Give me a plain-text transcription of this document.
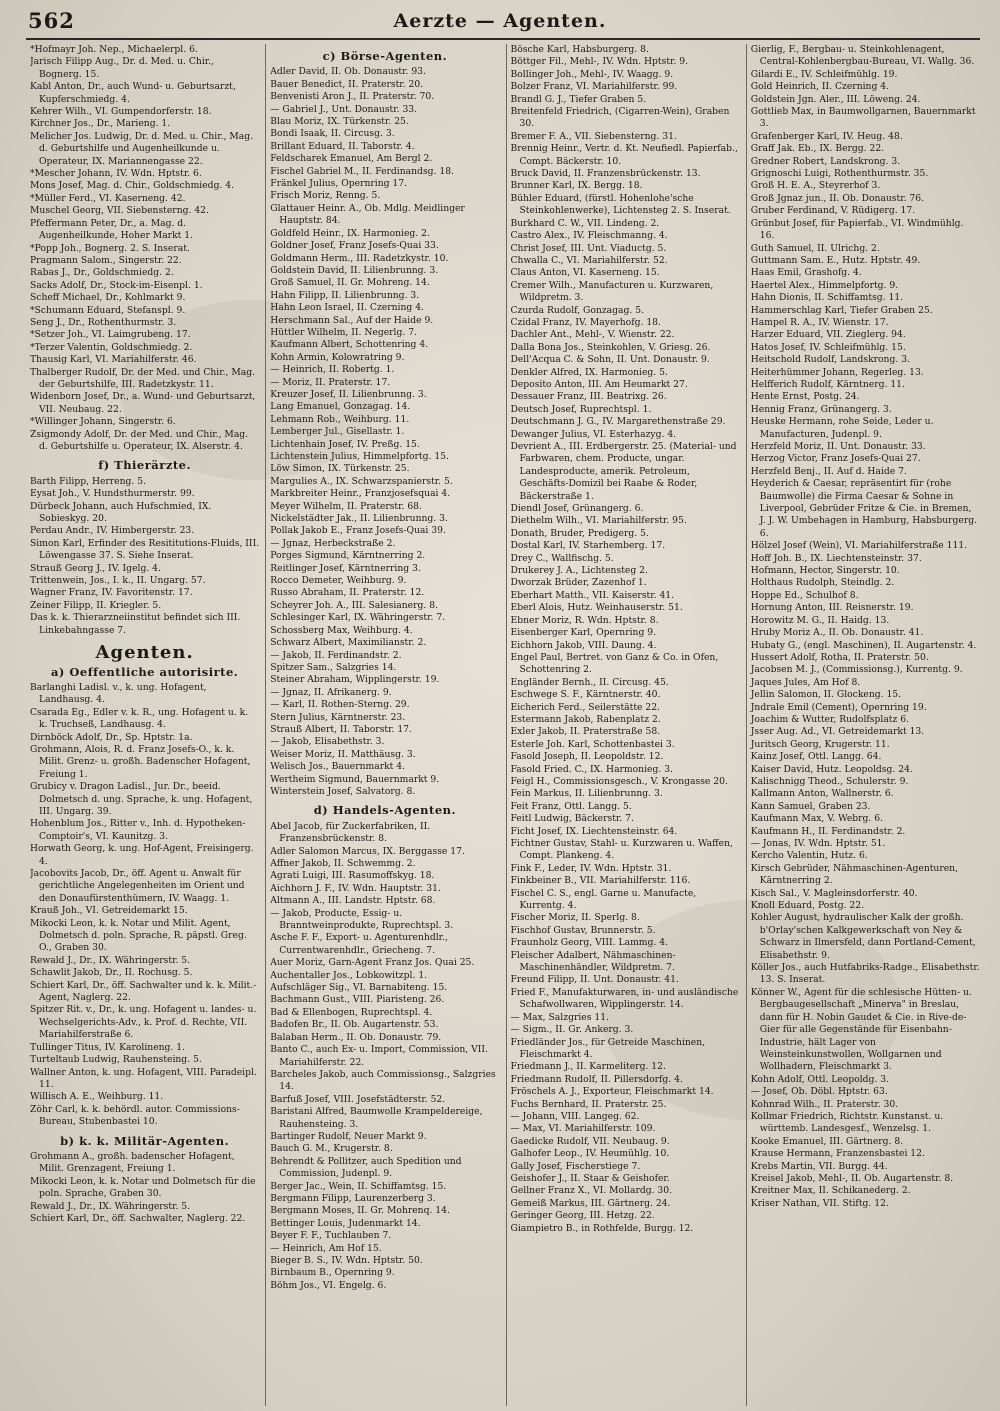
562	Aerzte — Agenten.

*Hofmayr Joh. Nep., Michaelerpl. 6.

Jarisch Filipp Aug., Dr. d. Med. u. Chir., Bognerg. 15.

Kabl Anton, Dr., auch Wund- u. Geburtsarzt, Kupferschmiedg. 4.

Kehrer Wilh., VI. Gumpendorferstr. 18.

Kirchner Jos., Dr., Marieng. 1.

Melicher Jos. Ludwig, Dr. d. Med. u. Chir., Mag. d. Geburtshilfe und Augenheilkunde u. Operateur, IX. Mariannengasse 22.

*Mescher Johann, IV. Wdn. Hptstr. 6.

Mons Josef, Mag. d. Chir., Goldschmiedg. 4.

*Müller Ferd., VI. Kaserneng. 42.

Muschel Georg, VII. Siebensterng. 42.

Pfeffermann Peter, Dr., a. Mag. d. Augenheilkunde, Hoher Markt 1.

*Popp Joh., Bognerg. 2. S. Inserat.

Pragmann Salom., Singerstr. 22.

Rabas J., Dr., Goldschmiedg. 2.

Sacks Adolf, Dr., Stock-im-Eisenpl. 1.

Scheff Michael, Dr., Kohlmarkt 9.

*Schumann Eduard, Stefanspl. 9.

Seng J., Dr., Rothenthurmstr. 3.

*Setzer Joh., VI. Laimgrubeng. 17.

*Terzer Valentin, Goldschmiedg. 2.

Thausig Karl, VI. Mariahilferstr. 46.

Thalberger Rudolf, Dr. der Med. und Chir., Mag. der Geburtshilfe, III. Radetzkystr. 11.

Widenborn Josef, Dr., a. Wund- und Geburtsarzt, VII. Neubaug. 22.

*Willinger Johann, Singerstr. 6.

Zsigmondy Adolf, Dr. der Med. und Chir., Mag. d. Geburtshilfe u. Operateur, IX. Alserstr. 4.

f) Thierärzte.

Barth Filipp, Herreng. 5.

Eysat Joh., V. Hundsthurmerstr. 99.

Dürbeck Johann, auch Hufschmied, IX. Sobieskyg. 20.

Perdau Andr., IV. Himbergerstr. 23.

Simon Karl, Erfinder des Resititutions-Fluids, III. Löwengasse 37. S. Siehe Inserat.

Strauß Georg J., IV. Igelg. 4.

Trittenwein, Jos., I. k., II. Ungarg. 57.

Wagner Franz, IV. Favoritenstr. 17.

Zeiner Filipp, II. Kriegler. 5.

Das k. k. Thierarzneiinstitut befindet sich III. Linkebahngasse 7.

Agenten.
a) Oeffentliche autorisirte.

Barlanghi Ladisl. v., k. ung. Hofagent, Landhausg. 4.

Csarada Eg., Edler v. k. R., ung. Hofagent u. k. k. Truchseß, Landhausg. 4.

Dirnböck Adolf, Dr., Sp. Hptstr. 1a.

Grohmann, Alois, R. d. Franz Josefs-O., k. k. Milit. Grenz- u. großh. Badenscher Hofagent, Freiung 1.

Grubicy v. Dragon Ladisl., Jur. Dr., beeid. Dolmetsch d. ung. Sprache, k. ung. Hofagent, III. Ungarg. 39.

Hohenblum Jos., Ritter v., Inh. d. Hypotheken-Comptoir's, VI. Kaunitzg. 3.

Horwath Georg, k. ung. Hof-Agent, Freisingerg. 4.

Jacobovits Jacob, Dr., öff. Agent u. Anwalt für gerichtliche Angelegenheiten im Orient und den Donaufürstenthümern, IV. Waagg. 1.

Krauß Joh., VI. Getreidemarkt 15.

Mikocki Leon, k. k. Notar und Milit. Agent, Dolmetsch d. poln. Sprache, R. päpstl. Greg. O., Graben 30.

Rewald J., Dr., IX. Währingerstr. 5.

Schawlit Jakob, Dr., II. Rochusg. 5.

Schiert Karl, Dr., öff. Sachwalter und k. k. Milit.-Agent, Naglerg. 22.

Spitzer Rit. v., Dr., k. ung. Hofagent u. landes- u. Wechselgerichts-Adv., k. Prof. d. Rechte, VII. Mariahilferstraße 6.

Tullinger Titus, IV. Karolineng. 1.

Turteltaub Ludwig, Rauhensteing. 5.

Wallner Anton, k. ung. Hofagent, VIII. Paradeipl. 11.

Willisch A. E., Weihburg. 11.

Zöhr Carl, k. k. behördl. autor. Commissions-Bureau, Stubenbastei 10.

b) k. k. Militär-Agenten.

Grohmann A., großh. badenscher Hofagent, Milit. Grenzagent, Freiung 1.

Mikocki Leon, k. k. Notar und Dolmetsch für die poln. Sprache, Graben 30.

Rewald J., Dr., IX. Währingerstr. 5.

Schiert Karl, Dr., öff. Sachwalter, Naglerg. 22.

c) Börse-Agenten.

Adler David, II. Ob. Donaustr. 93.

Bauer Benedict, II. Praterstr. 20.

Benvenisti Aron J., II. Praterstr. 70.

— Gabriel J., Unt. Donaustr. 33.

Blau Moriz, IX. Türkenstr. 25.

Bondi Isaak, II. Circusg. 3.

Brillant Eduard, II. Taborstr. 4.

Feldscharek Emanuel, Am Bergl 2.

Fischel Gabriel M., II. Ferdinandsg. 18.

Fränkel Julius, Opernring 17.

Frisch Moriz, Renng. 5.

Glattauer Heinr. A., Ob. Mdlg. Meidlinger Hauptstr. 84.

Goldfeld Heinr., IX. Harmonieg. 2.

Goldner Josef, Franz Josefs-Quai 33.

Goldmann Herm., III. Radetzkystr. 10.

Goldstein David, II. Lilienbrunng. 3.

Groß Samuel, II. Gr. Mohreng. 14.

Hahn Filipp, II. Lilienbrunng. 3.

Hahn Leon Israel, II. Czerning 4.

Herschmann Sal., Auf der Haide 9.

Hüttler Wilhelm, II. Negerlg. 7.

Kaufmann Albert, Schottenring 4.

Kohn Armin, Kolowratring 9.

— Heinrich, II. Robertg. 1.

— Moriz, II. Praterstr. 17.

Kreuzer Josef, II. Lilienbrunng. 3.

Lang Emanuel, Gonzagag. 14.

Lehmann Rob., Weihburg. 11.

Lemberger Jul., Gisellastr. 1.

Lichtenhain Josef, IV. Preßg. 15.

Lichtenstein Julius, Himmelpfortg. 15.

Löw Simon, IX. Türkenstr. 25.

Margulies A., IX. Schwarzspanierstr. 5.

Markbreiter Heinr., Franzjosefsquai 4.

Meyer Wilhelm, II. Praterstr. 68.

Nickelstädter Jak., II. Lilienbrunng. 3.

Pollak Jakob E., Franz Josefs-Quai 39.

— Jgnaz, Herbeckstraße 2.

Porges Sigmund, Kärntnerring 2.

Reitlinger Josef, Kärntnerring 3.

Rocco Demeter, Weihburg. 9.

Russo Abraham, II. Praterstr. 12.

Scheyrer Joh. A., III. Salesianerg. 8.

Schlesinger Karl, IX. Währingerstr. 7.

Schossberg Max, Weihburg. 4.

Schwarz Albert, Maximilianstr. 2.

— Jakob, II. Ferdinandstr. 2.

Spitzer Sam., Salzgries 14.

Steiner Abraham, Wipplingerstr. 19.

— Jgnaz, II. Afrikanerg. 9.

— Karl, II. Rothen-Sterng. 29.

Stern Julius, Kärntnerstr. 23.

Strauß Albert, II. Taborstr. 17.

— Jakob, Elisabethstr. 3.

Weiser Moriz, II. Matthäusg. 3.

Welisch Jos., Bauernmarkt 4.

Wertheim Sigmund, Bauernmarkt 9.

Winterstein Josef, Salvatorg. 8.

d) Handels-Agenten.

Abel Jacob, für Zuckerfabriken, II. Franzensbrückenstr. 8.

Adler Salomon Marcus, IX. Berggasse 17.

Affner Jakob, II. Schwemmg. 2.

Agrati Luigi, III. Rasumoffskyg. 18.

Aichhorn J. F., IV. Wdn. Hauptstr. 31.

Altmann A., III. Landstr. Hptstr. 68.

— Jakob, Producte, Essig- u. Branntweinprodukte, Ruprechtspl. 3.

Asche F. F., Export- u. Agenturenhdlr., Currentwarenhdlr., Griecheng. 7.

Auer Moriz, Garn-Agent Franz Jos. Quai 25.

Auchentaller Jos., Lobkowitzpl. 1.

Aufschläger Sig., VI. Barnabiteng. 15.

Bachmann Gust., VIII. Piaristeng. 26.

Bad & Ellenbogen, Ruprechtspl. 4.

Badofen Br., II. Ob. Augartenstr. 53.

Balaban Herm., II. Ob. Donaustr. 79.

Banto C., auch Ex- u. Import, Commission, VII. Mariahilferstr. 22.

Barcheles Jakob, auch Commissionsg., Salzgries 14.

Barfuß Josef, VIII. Josefstädterstr. 52.

Baristani Alfred, Baumwolle Krampeldereige, Rauhensteing. 3.

Bartinger Rudolf, Neuer Markt 9.

Bauch G. M., Krugerstr. 8.

Behrendt & Pollitzer, auch Spedition und Commission, Judenpl. 9.

Berger Jac., Wein, II. Schiffamtsg. 15.

Bergmann Filipp, Laurenzerberg 3.

Bergmann Moses, II. Gr. Mohrenq. 14.

Bettinger Louis, Judenmarkt 14.

Beyer F. F., Tuchlauben 7.

— Heinrich, Am Hof 15.

Bieger B. S., IV. Wdn. Hptstr. 50.

Birnbaum B., Opernring 9.

Böhm Jos., VI. Engelg. 6.

Bösche Karl, Habsburgerg. 8.

Böttger Fil., Mehl-, IV. Wdn. Hptstr. 9.

Bollinger Joh., Mehl-, IV. Waagg. 9.

Bolzer Franz, VI. Mariahilferstr. 99.

Brandl G. J., Tiefer Graben 5.

Breitenfeld Friedrich, (Cigarren-Wein), Graben 30.

Bremer F. A., VII. Siebensterng. 31.

Brennig Heinr., Vertr. d. Kt. Neufiedl. Papierfab., Compt. Bäckerstr. 10.

Bruck David, II. Franzensbrückenstr. 13.

Brunner Karl, IX. Bergg. 18.

Bühler Eduard, (fürstl. Hohenlohe'sche Steinkohlenwerke), Lichtensteg 2. S. Inserat.

Burkhard C. W., VII. Lindeng. 2.

Castro Alex., IV. Fleischmanng. 4.

Christ Josef, III. Unt. Viaductg. 5.

Chwalla C., VI. Mariahilferstr. 52.

Claus Anton, VI. Kaserneng. 15.

Cremer Wilh., Manufacturen u. Kurzwaren, Wildpretm. 3.

Czurda Rudolf, Gonzagag. 5.

Czidal Franz, IV. Mayerhofg. 18.

Dachler Ant., Mehl-, V. Wienstr. 22.

Dalla Bona Jos., Steinkohlen, V. Griesg. 26.

Dell'Acqua C. & Sohn, II. Unt. Donaustr. 9.

Denkler Alfred, IX. Harmonieg. 5.

Deposito Anton, III. Am Heumarkt 27.

Dessauer Franz, III. Beatrixg. 26.

Deutsch Josef, Ruprechtspl. 1.

Deutschmann J. G., IV. Margarethenstraße 29.

Dewanger Julius, VI. Esterhazyg. 4.

Devrient A., III. Erdbergerstr. 25. (Material- und Farbwaren, chem. Producte, ungar. Landesproducte, amerik. Petroleum, Geschäfts-Domizil bei Raabe & Roder, Bäckerstraße 1.

Diendl Josef, Grünangerg. 6.

Diethelm Wilh., VI. Mariahilferstr. 95.

Donath, Bruder, Predigerg. 5.

Dostal Karl, IV. Starhemberg. 17.

Drey C., Wallfischg. 5.

Drukerey J. A., Lichtensteg 2.

Dworzak Brüder, Zazenhof 1.

Eberhart Matth., VII. Kaiserstr. 41.

Eberl Alois, Hutz. Weinhauserstr. 51.

Ebner Moriz, R. Wdn. Hptstr. 8.

Eisenberger Karl, Opernring 9.

Eichhorn Jakob, VIII. Daung. 4.

Engel Paul, Bertret. von Ganz & Co. in Ofen, Schottenring 2.

Engländer Bernh., II. Circusg. 45.

Eschwege S. F., Kärntnerstr. 40.

Eicherich Ferd., Seilerstätte 22.

Estermann Jakob, Rabenplatz 2.

Exler Jakob, II. Praterstraße 58.

Esterle Joh. Karl, Schottenbastei 3.

Fasold Joseph, II. Leopoldstr. 12.

Fasold Fried. C., IX. Harmonieg. 3.

Feigl H., Commissionsgesch., V. Krongasse 20.

Fein Markus, II. Lilienbrunng. 3.

Feit Franz, Ottl. Langg. 5.

Feitl Ludwig, Bäckerstr. 7.

Ficht Josef, IX. Liechtensteinstr. 64.

Fichtner Gustav, Stahl- u. Kurzwaren u. Waffen, Compt. Plankeng. 4.

Fink F., Leder, IV. Wdn. Hptstr. 31.

Finkbeiner B., VII. Mariahilferstr. 116.

Fischel C. S., engl. Garne u. Manufacte, Kurrentg. 4.

Fischer Moriz, II. Sperlg. 8.

Fischhof Gustav, Brunnerstr. 5.

Fraunholz Georg, VIII. Lammg. 4.

Fleischer Adalbert, Nähmaschinen-Maschinenhändler, Wildpretm. 7.

Freund Filipp, II. Unt. Donaustr. 41.

Fried F., Manufakturwaren, in- und ausländische Schafwollwaren, Wipplingerstr. 14.

— Max, Salzgries 11.

— Sigm., II. Gr. Ankerg. 3.

Friedländer Jos., für Getreide Maschinen, Fleischmarkt 4.

Friedmann J., II. Karmeliterg. 12.

Friedmann Rudolf, II. Pillersdorfg. 4.

Fröschels A. J., Exporteur, Fleischmarkt 14.

Fuchs Bernhard, II. Praterstr. 25.

— Johann, VIII. Langeg. 62.

— Max, VI. Mariahilferstr. 109.

Gaedicke Rudolf, VII. Neubaug. 9.

Galhofer Leop., IV. Heumühlg. 10.

Gally Josef, Fischerstiege 7.

Geishofer J., II. Staar & Geishofer.

Gellner Franz X., VI. Mollardg. 30.

Gemeiß Markus, III. Gärtnerg. 24.

Geringer Georg, III. Hetzg. 22.

Giampietro B., in Rothfelde, Burgg. 12.

Gierlig, F., Bergbau- u. Steinkohlenagent, Central-Kohlenbergbau-Bureau, VI. Wallg. 36.

Gilardi E., IV. Schleifmühlg. 19.

Gold Heinrich, II. Czerning 4.

Goldstein Jgn. Aler., III. Löweng. 24.

Gottlieb Max, in Baumwollgarnen, Bauernmarkt 3.

Grafenberger Karl, IV. Heug. 48.

Graff Jak. Eb., IX. Bergg. 22.

Gredner Robert, Landskrong. 3.

Grignoschi Luigi, Rothenthurmstr. 35.

Groß H. E. A., Steyrerhof 3.

Groß Jgnaz jun., II. Ob. Donaustr. 76.

Gruber Ferdinand, V. Rüdigerg. 17.

Grünbut Josef, für Papierfab., VI. Windmühlg. 16.

Guth Samuel, II. Ulrichg. 2.

Guttmann Sam. E., Hutz. Hptstr. 49.

Haas Emil, Grashofg. 4.

Haertel Alex., Himmelpfortg. 9.

Hahn Dionis, II. Schiffamtsg. 11.

Hammerschlag Karl, Tiefer Graben 25.

Hampel R. A., IV. Wienstr. 17.

Harzer Eduard, VII. Zieglerg. 94.

Hatos Josef, IV. Schleifmühlg. 15.

Heitschold Rudolf, Landskrong. 3.

Heiterhümmer Johann, Regerleg. 13.

Helfferich Rudolf, Kärntnerg. 11.

Hente Ernst, Postg. 24.

Hennig Franz, Grünangerg. 3.

Heuske Hermann, rohe Seide, Leder u. Manufacturen, Judenpl. 9.

Herzfeld Moriz, II. Unt. Donaustr. 33.

Herzog Victor, Franz Josefs-Quai 27.

Herzfeld Benj., II. Auf d. Haide 7.

Heyderich & Caesar, repräsentirt für (rohe Baumwolle) die Firma Caesar & Sohne in Liverpool, Gebrüder Fritze & Cie. in Bremen, J. J. W. Umbehagen in Hamburg, Habsburgerg. 6.

Hölzel Josef (Wein), VI. Mariahilferstraße 111.

Hoff Joh. B., IX. Liechtensteinstr. 37.

Hofmann, Hector, Singerstr. 10.

Holthaus Rudolph, Steindlg. 2.

Hoppe Ed., Schulhof 8.

Hornung Anton, III. Reisnerstr. 19.

Horowitz M. G., II. Haidg. 13.

Hruby Moriz A., II. Ob. Donaustr. 41.

Hubaty G., (engl. Maschinen), II. Augartenstr. 4.

Hussert Adolf, Rotha, II. Praterstr. 50.

Jacobsen M. J., (Commissionsg.), Kurrentg. 9.

Jaques Jules, Am Hof 8.

Jellin Salomon, II. Glockeng. 15.

Jndrale Emil (Cement), Opernring 19.

Joachim & Wutter, Rudolfsplatz 6.

Jsser Aug. Ad., VI. Getreidemarkt 13.

Juritsch Georg, Krugerstr. 11.

Kainz Josef, Ottl. Langg. 64.

Kaiser David, Hutz. Leopoldsg. 24.

Kalischnigg Theod., Schulerstr. 9.

Kallmann Anton, Wallnerstr. 6.

Kann Samuel, Graben 23.

Kaufmann Max, V. Webrg. 6.

Kaufmann H., II. Ferdinandstr. 2.

— Jonas, IV. Wdn. Hptstr. 51.

Kercho Valentin, Hutz. 6.

Kirsch Gebrüder, Nähmaschinen-Agenturen, Kärntnerring 2.

Kisch Sal., V. Magleinsdorferstr. 40.

Knoll Eduard, Postg. 22.

Kohler August, hydraulischer Kalk der großh. b'Orlay'schen Kalkgewerkschaft von Ney & Schwarz in Ilmersfeld, dann Portland-Cement, Elisabethstr. 9.

Köller Jos., auch Hutfabriks-Radge., Elisabethstr. 13. S. Inserat.

Könner W., Agent für die schlesische Hütten- u. Bergbaugesellschaft „Minerva" in Breslau, dann für H. Nobin Gaudet & Cie. in Rive-de-Gier für alle Gegenstände für Eisenbahn-Industrie, hält Lager von Weinsteinkunstwollen, Wollgarnen und Wollhadern, Fleischmarkt 3.

Kohn Adolf, Ottl. Leopoldg. 3.

— Josef, Ob. Döbl. Hptstr. 63.

Kohnrad Wilh., II. Praterstr. 30.

Kollmar Friedrich, Richtstr. Kunstanst. u. württemb. Landesgesf., Wenzelsg. 1.

Kooke Emanuel, III. Gärtnerg. 8.

Krause Hermann, Franzensbastei 12.

Krebs Martin, VII. Burgg. 44.

Kreisel Jakob, Mehl-, II. Ob. Augartenstr. 8.

Kreitner Max, II. Schikanederg. 2.

Kriser Nathan, VII. Stiftg. 12.
